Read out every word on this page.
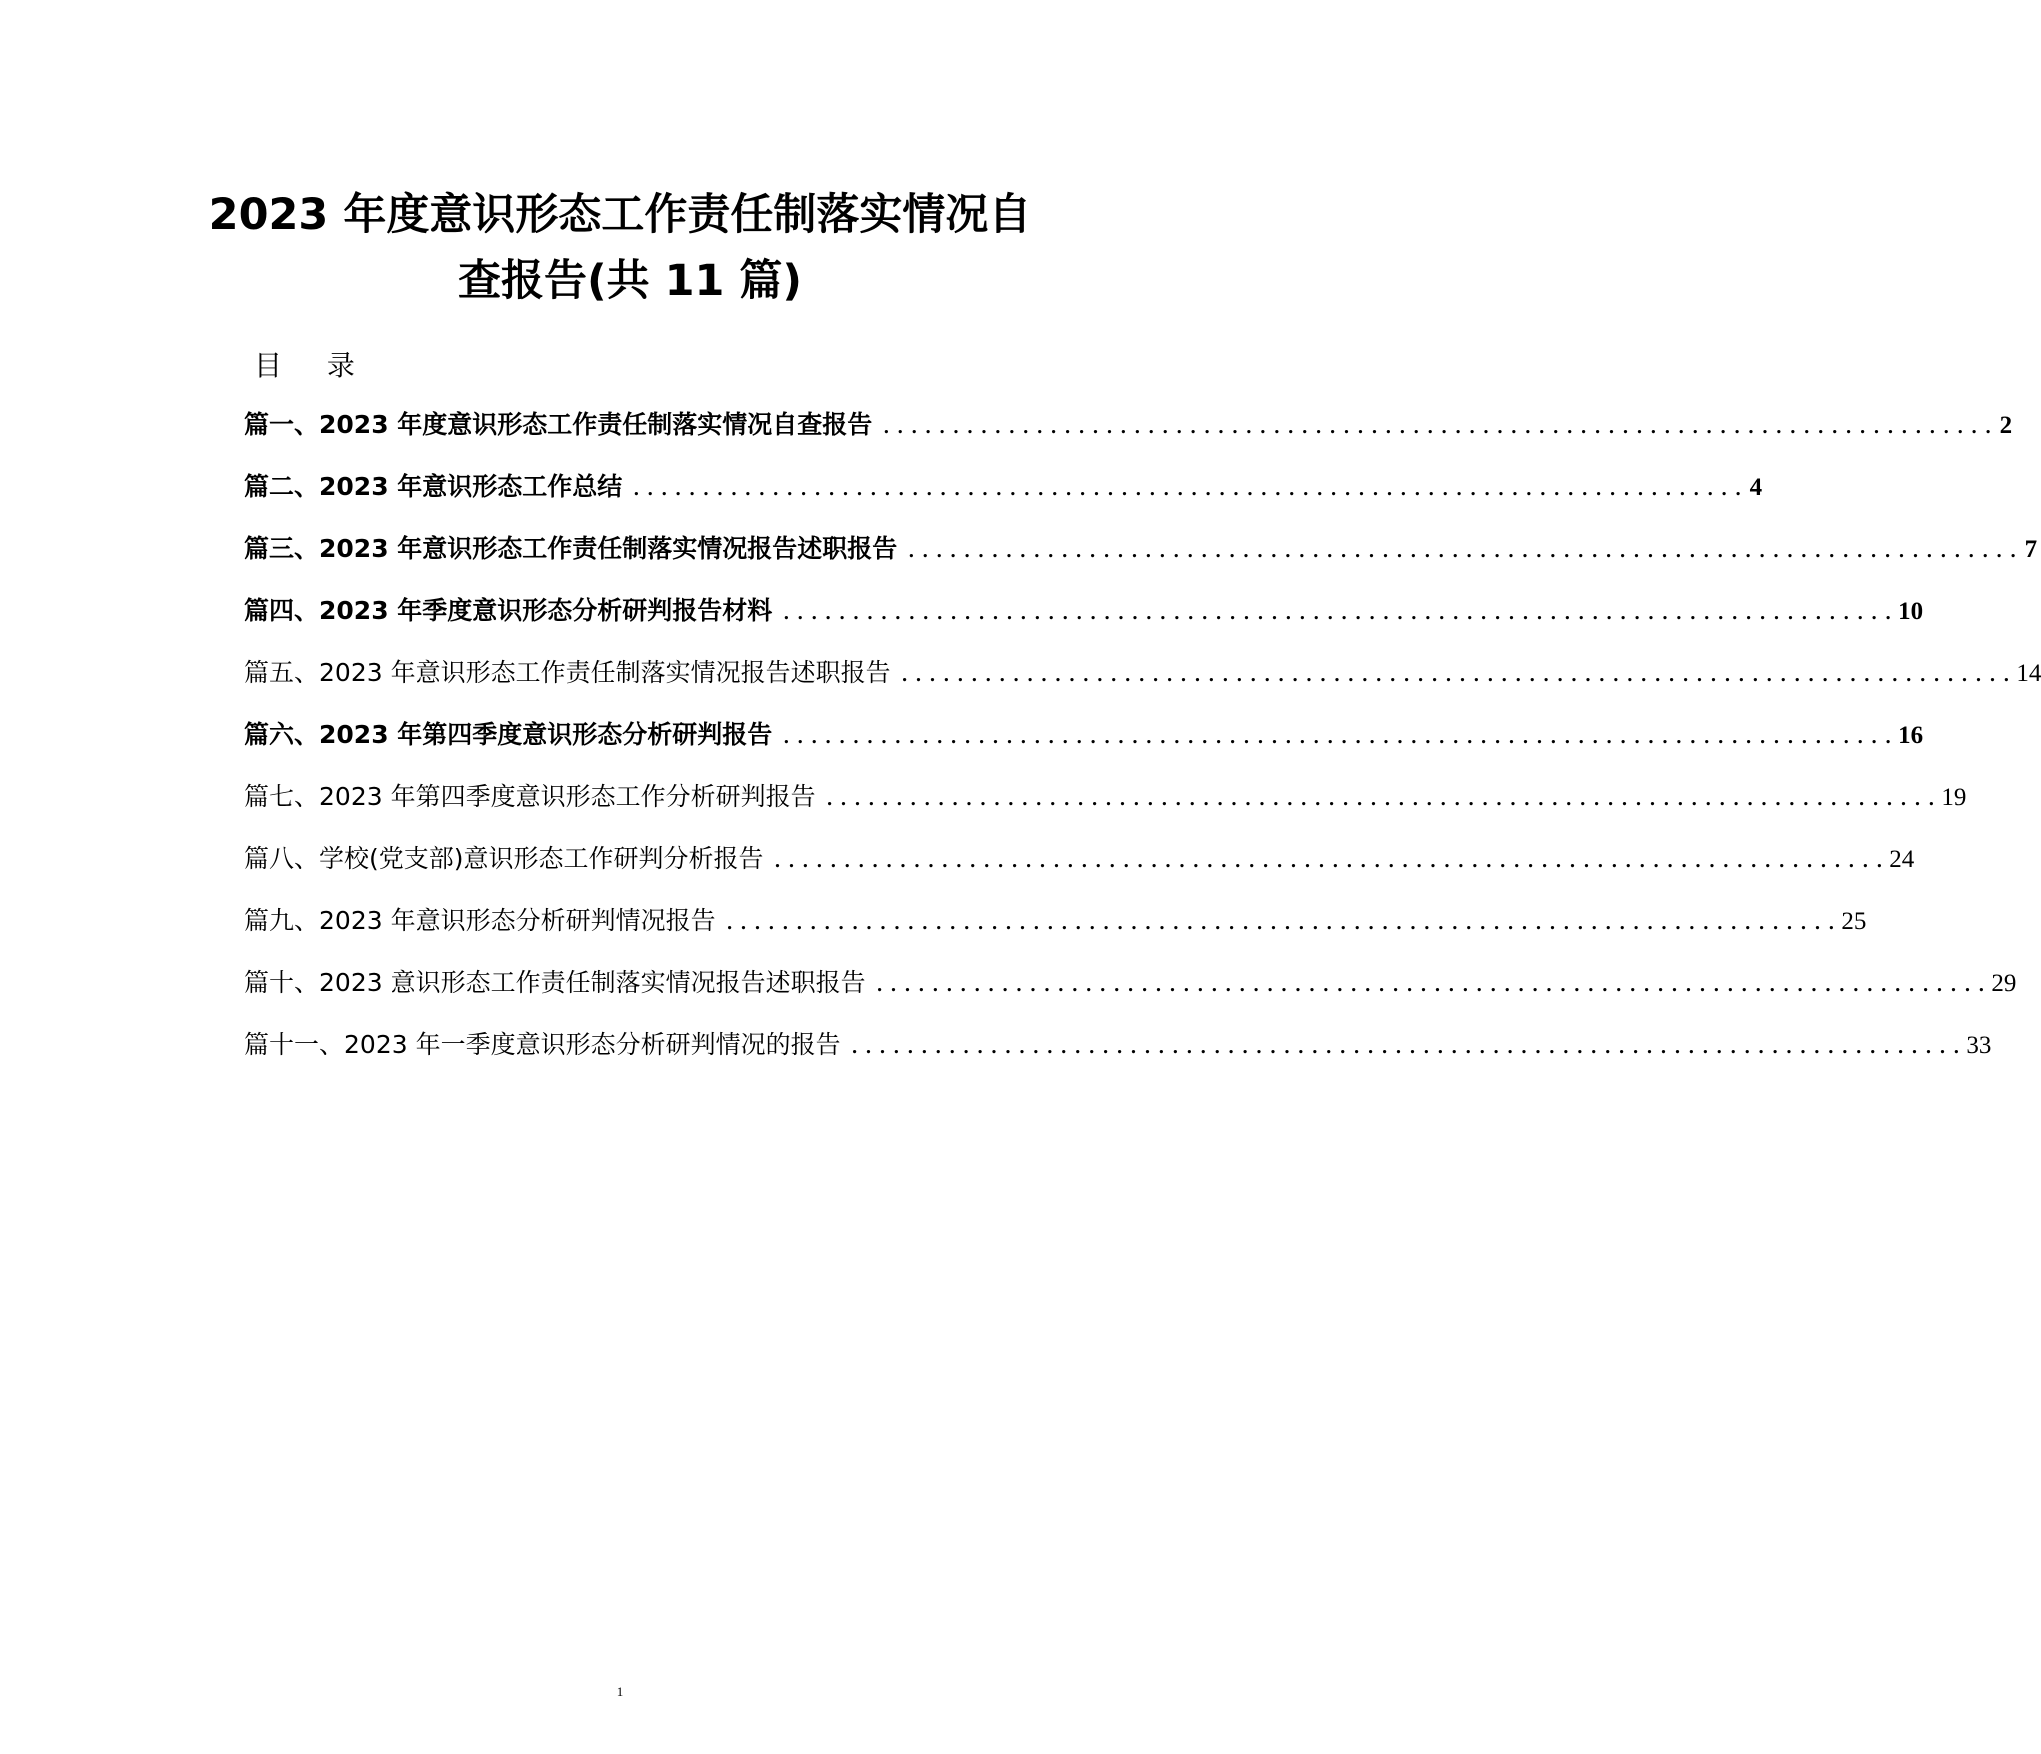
2023 年度意识形态工作责任制落实情况自
查报告(共 11 篇)
目 录
篇一、 2023 年度意识形态工作责任制落实情况自查报告 ................................................................................ 2
篇二、 2023 年意识形态工作总结 ................................................................................ 4
篇三、 2023 年意识形态工作责任制落实情况报告述职报告 ................................................................................ 7
篇四、 2023 年季度意识形态分析研判报告材料 ................................................................................ 10
篇五、 2023 年意识形态工作责任制落实情况报告述职报告 ................................................................................ 14
篇六、 2023 年第四季度意识形态分析研判报告 ................................................................................ 16
篇七、 2023 年第四季度意识形态工作分析研判报告 ................................................................................ 19
篇八、 学校(党支部)意识形态工作研判分析报告 ................................................................................ 24
篇九、 2023 年意识形态分析研判情况报告 ................................................................................ 25
篇十、 2023 意识形态工作责任制落实情况报告述职报告 ................................................................................ 29
篇十一、 2023 年一季度意识形态分析研判情况的报告 ................................................................................ 33
1
